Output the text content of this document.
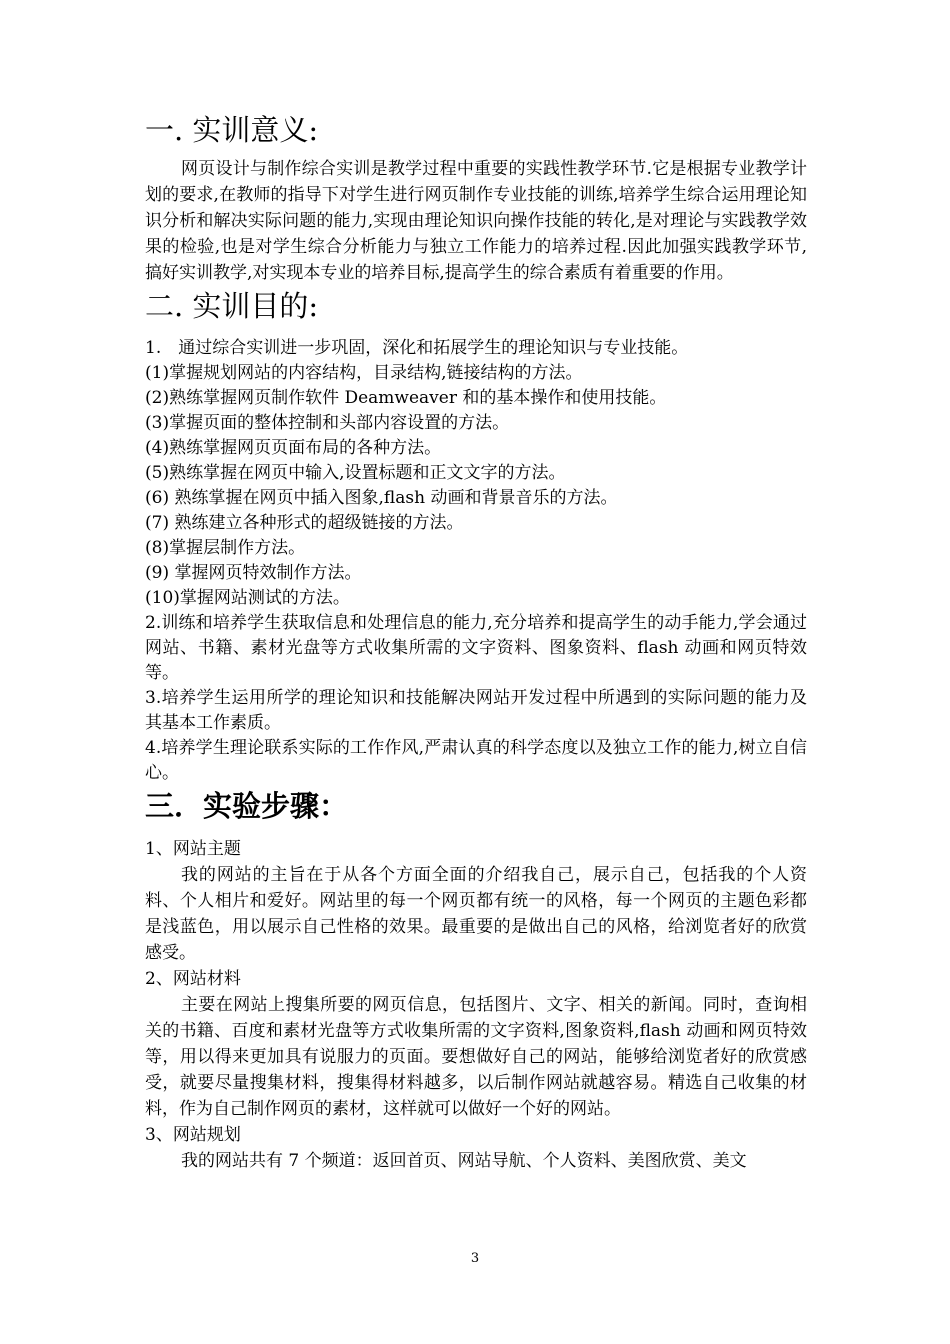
一. 实训意义:

网页设计与制作综合实训是教学过程中重要的实践性教学环节.它是根据专业教学计划的要求,在教师的指导下对学生进行网页制作专业技能的训练,培养学生综合运用理论知识分析和解决实际问题的能力,实现由理论知识向操作技能的转化,是对理论与实践教学效果的检验,也是对学生综合分析能力与独立工作能力的培养过程.因此加强实践教学环节,搞好实训教学,对实现本专业的培养目标,提高学生的综合素质有着重要的作用。

二. 实训目的:

1.　通过综合实训进一步巩固，深化和拓展学生的理论知识与专业技能。

(1)掌握规划网站的内容结构，目录结构,链接结构的方法。

(2)熟练掌握网页制作软件 Deamweaver 和的基本操作和使用技能。

(3)掌握页面的整体控制和头部内容设置的方法。

(4)熟练掌握网页页面布局的各种方法。

(5)熟练掌握在网页中输入,设置标题和正文文字的方法。

(6) 熟练掌握在网页中插入图象,flash 动画和背景音乐的方法。

(7) 熟练建立各种形式的超级链接的方法。

(8)掌握层制作方法。

(9) 掌握网页特效制作方法。

(10)掌握网站测试的方法。

2.训练和培养学生获取信息和处理信息的能力,充分培养和提高学生的动手能力,学会通过网站、书籍、素材光盘等方式收集所需的文字资料、图象资料、flash 动画和网页特效等。

3.培养学生运用所学的理论知识和技能解决网站开发过程中所遇到的实际问题的能力及其基本工作素质。

4.培养学生理论联系实际的工作作风,严肃认真的科学态度以及独立工作的能力,树立自信心。

三．实验步骤：

1、网站主题

我的网站的主旨在于从各个方面全面的介绍我自己，展示自己，包括我的个人资料、个人相片和爱好。网站里的每一个网页都有统一的风格，每一个网页的主题色彩都是浅蓝色，用以展示自己性格的效果。最重要的是做出自己的风格，给浏览者好的欣赏感受。

2、网站材料

主要在网站上搜集所要的网页信息，包括图片、文字、相关的新闻。同时，查询相关的书籍、百度和素材光盘等方式收集所需的文字资料,图象资料,flash 动画和网页特效等，用以得来更加具有说服力的页面。要想做好自己的网站，能够给浏览者好的欣赏感受，就要尽量搜集材料，搜集得材料越多，以后制作网站就越容易。精选自己收集的材料，作为自己制作网页的素材，这样就可以做好一个好的网站。

3、网站规划

我的网站共有 7 个频道：返回首页、网站导航、个人资料、美图欣赏、美文

3
